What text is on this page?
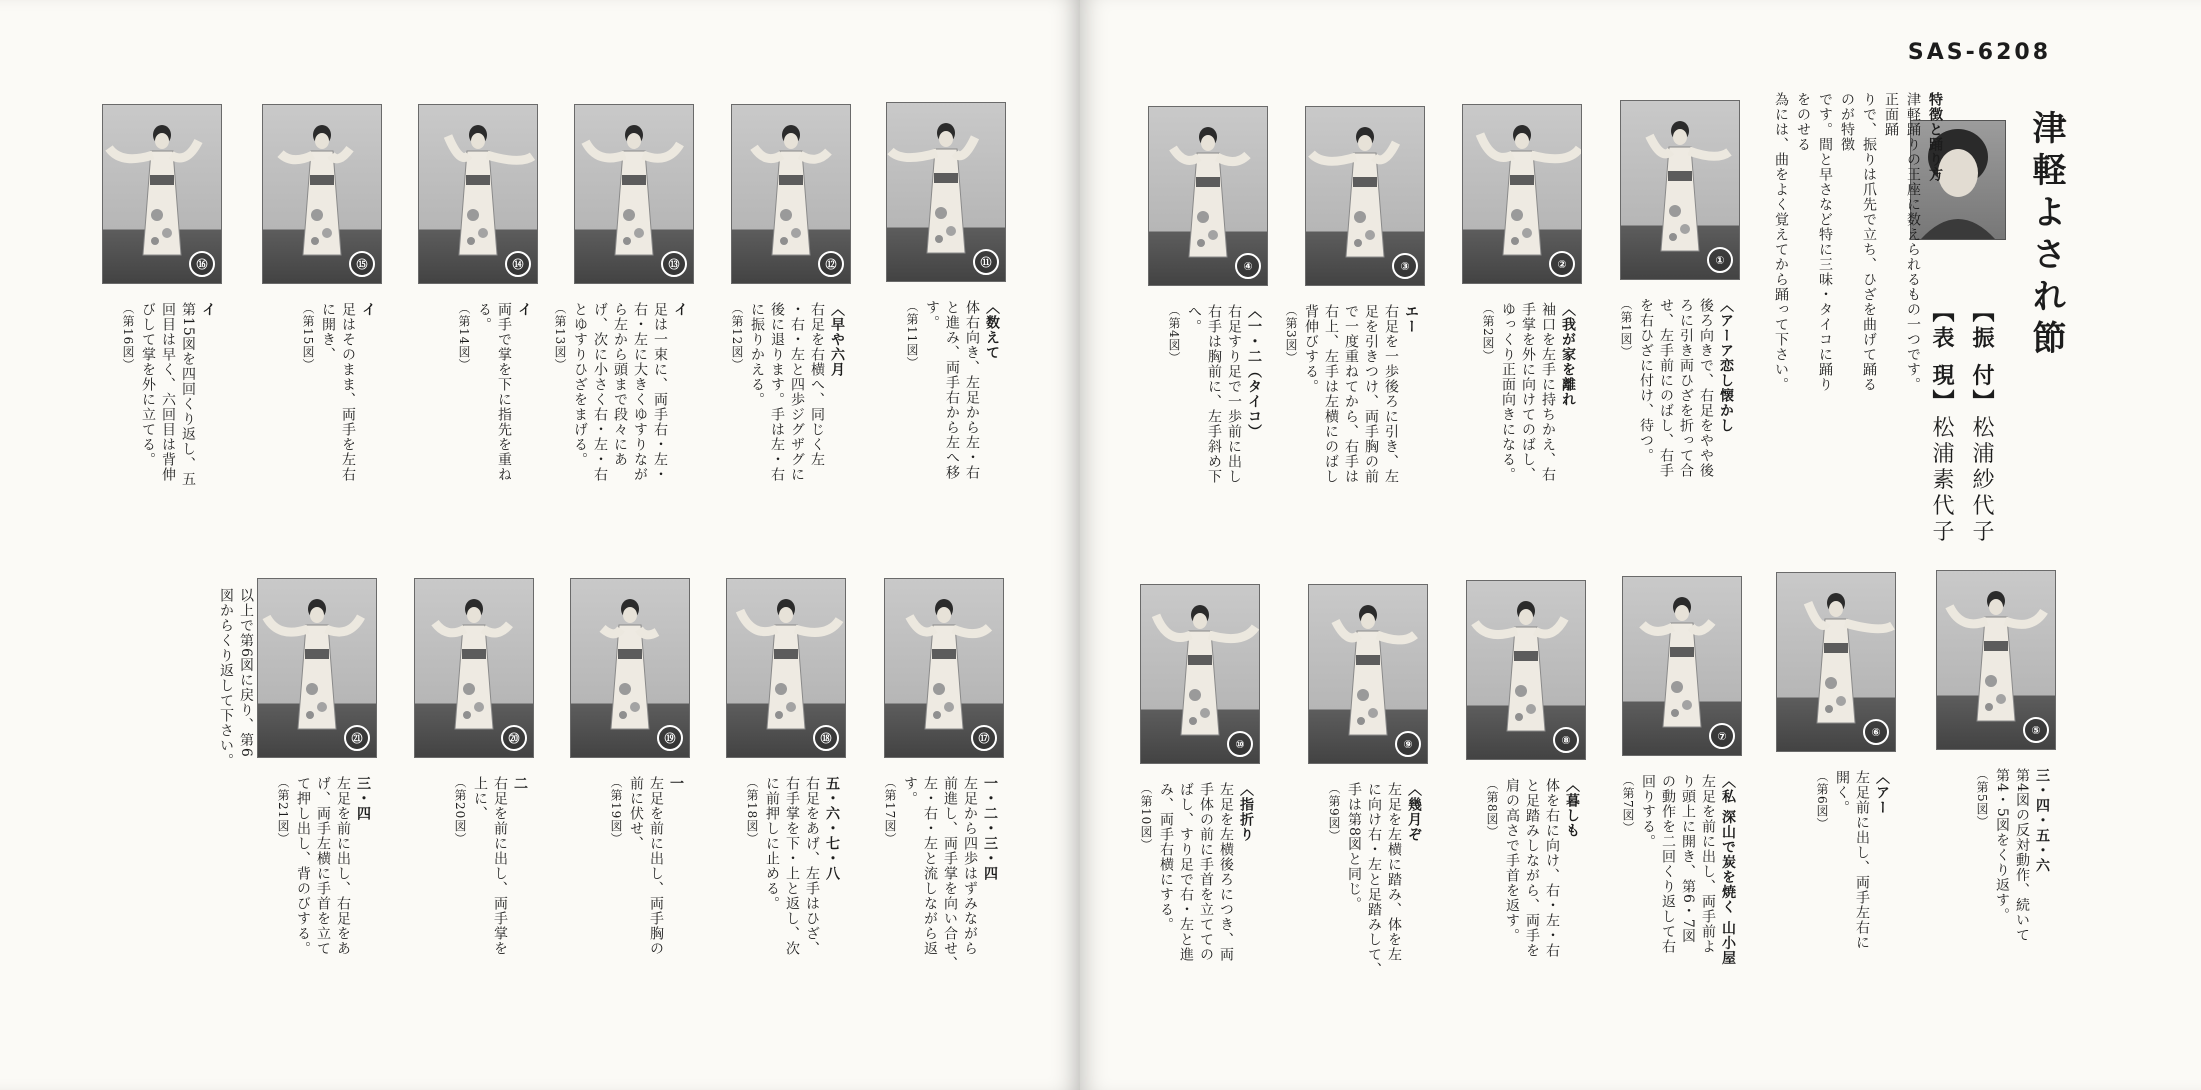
SAS-6208
津軽よされ節
【振 付】松浦紗代子
【表 現】松浦素代子
特徴と踊り方
津軽踊りの王座に数えられるもの一つです。正面踊
りで、振りは爪先で立ち、ひざを曲げて踊るのが特徴
です。間と早さなど特に三味・タイコに踊りをのせる
為には、曲をよく覚えてから踊って下さい。
①
〈アーア恋し懐かし
後ろ向きで、右足をやや後
ろに引き両ひざを折って合
せ、左手前にのばし、右手
を右ひざに付け、待つ。
（第1図）
②
〈我が家を離れ
袖口を左手に持ちかえ、右
手掌を外に向けてのばし、
ゆっくり正面向きになる。
（第2図）
③
エー
右足を一歩後ろに引き、左
足を引きつけ、両手胸の前
で一度重ねてから、右手は
右上、左手は左横にのばし
背伸びする。
（第3図）
④
〈一・二（タイコ）
右足すり足で一歩前に出し
右手は胸前に、左手斜め下
へ。
（第4図）
⑤
三・四・五・六
第4図の反対動作、続いて
第4・5図をくり返す。
（第5図）
⑥
〈アー
左足前に出し、両手左右に
開く。
（第6図）
⑦
〈私 深山で炭を焼く 山小屋
左足を前に出し、両手前よ
り頭上に開き、第6・7図
の動作を二回くり返して右
回りする。
（第7図）
⑧
〈暮しも
体を右に向け、右・左・右
と足踏みしながら、両手を
肩の高さで手首を返す。
（第8図）
⑨
〈幾月ぞ
左足を左横に踏み、体を左
に向け右・左と足踏みして、
手は第8図と同じ。
（第9図）
⑩
〈指折り
左足を左横後ろにつき、両
手体の前に手首を立てての
ばし、すり足で右・左と進
み、両手右横にする。
（第10図）
⑪
〈数えて
体右向き、左足から左・右
と進み、両手右から左へ移
す。
（第11図）
⑫
〈早や六月
右足を右横へ、同じく左
・右・左と四歩ジグザグに
後に退ります。手は左・右
に振りかえる。
（第12図）
⑬
イ
足は一束に、両手右・左・
右・左に大きくゆすりなが
ら左から頭まで段々にあ
げ、次に小さく右・左・右
とゆすりひざをまげる。
（第13図）
⑭
イ
両手で掌を下に指先を重ね
る。
（第14図）
⑮
イ
足はそのまま、両手を左右
に開き、
（第15図）
⑯
イ
第15図を四回くり返し、五
回目は早く、六回目は背伸
びして掌を外に立てる。
（第16図）
⑰
一・二・三・四
左足から四歩はずみながら
前進し、両手掌を向い合せ、
左・右・左と流しながら返
す。
（第17図）
⑱
五・六・七・八
右足をあげ、左手はひざ、
右手掌を下・上と返し、次
に前押しに止める。
（第18図）
⑲
一
左足を前に出し、両手胸の
前に伏せ、
（第19図）
⑳
二
右足を前に出し、両手掌を
上に、
（第20図）
㉑
三・四
左足を前に出し、右足をあ
げ、両手左横に手首を立て
て押し出し、背のびする。
（第21図）
以上で第6図に戻り、第6
図からくり返して下さい。
